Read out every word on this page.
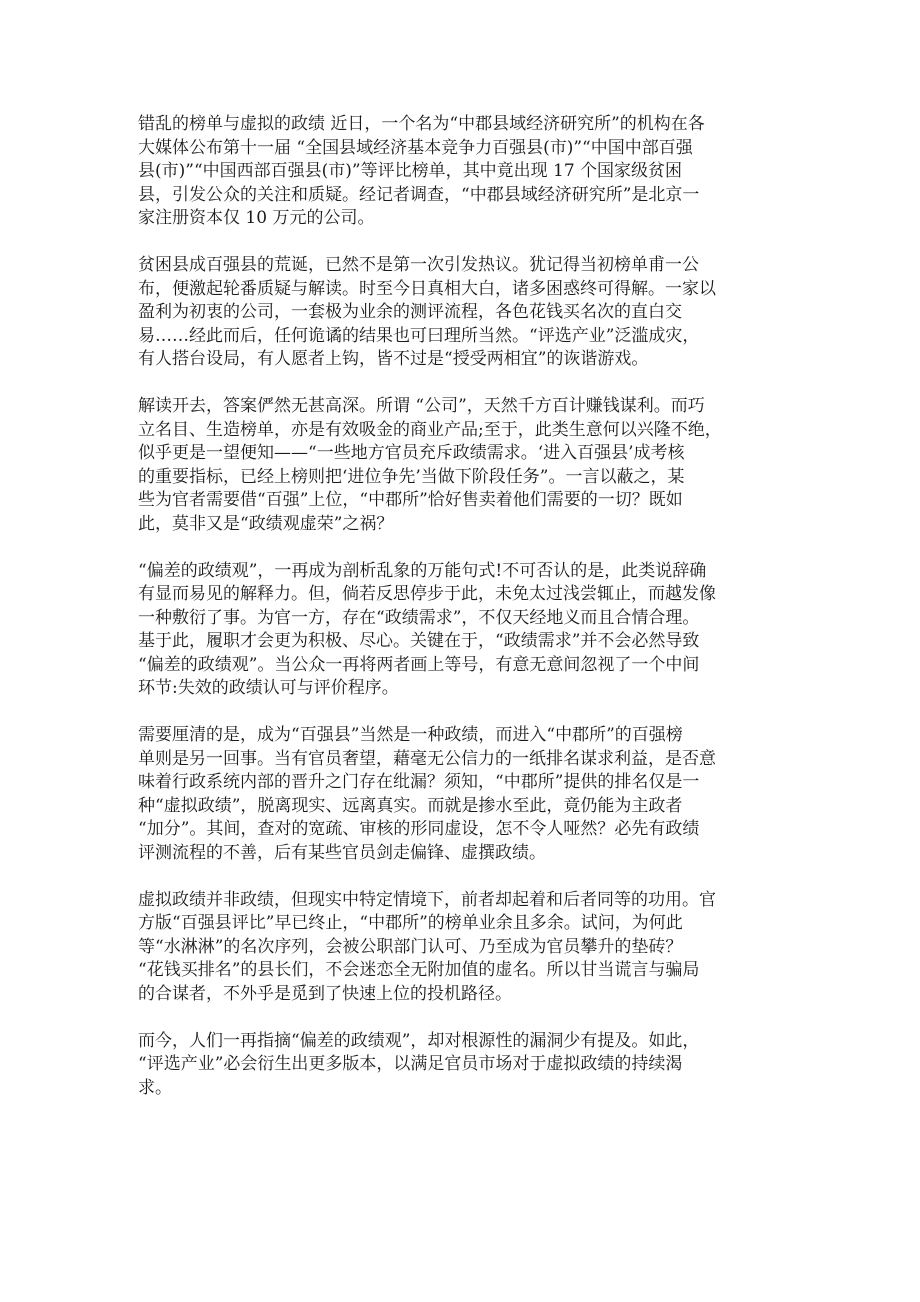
错乱的榜单与虚拟的政绩 近日，一个名为“中郡县域经济研究所”的机构在各
大媒体公布第十一届 “全国县域经济基本竞争力百强县(市)”“中国中部百强
县(市)”“中国西部百强县(市)”等评比榜单，其中竟出现 17 个国家级贫困
县，引发公众的关注和质疑。经记者调查，“中郡县域经济研究所”是北京一
家注册资本仅 10 万元的公司。
贫困县成百强县的荒诞，已然不是第一次引发热议。犹记得当初榜单甫一公
布，便激起轮番质疑与解读。时至今日真相大白，诸多困惑终可得解。一家以
盈利为初衷的公司，一套极为业余的测评流程，各色花钱买名次的直白交
易……经此而后，任何诡谲的结果也可曰理所当然。“评选产业”泛滥成灾，
有人搭台设局，有人愿者上钩，皆不过是“授受两相宜”的诙谐游戏。
解读开去，答案俨然无甚高深。所谓 “公司”，天然千方百计赚钱谋利。而巧
立名目、生造榜单，亦是有效吸金的商业产品;至于，此类生意何以兴隆不绝，
似乎更是一望便知——“一些地方官员充斥政绩需求。‘进入百强县’成考核
的重要指标，已经上榜则把‘进位争先’当做下阶段任务”。一言以蔽之，某
些为官者需要借“百强”上位，“中郡所”恰好售卖着他们需要的一切？既如
此，莫非又是“政绩观虚荣”之祸？
“偏差的政绩观”，一再成为剖析乱象的万能句式!不可否认的是，此类说辞确
有显而易见的解释力。但，倘若反思停步于此，未免太过浅尝辄止，而越发像
一种敷衍了事。为官一方，存在“政绩需求”，不仅天经地义而且合情合理。
基于此，履职才会更为积极、尽心。关键在于，“政绩需求”并不会必然导致
“偏差的政绩观”。当公众一再将两者画上等号，有意无意间忽视了一个中间
环节:失效的政绩认可与评价程序。
需要厘清的是，成为“百强县”当然是一种政绩，而进入“中郡所”的百强榜
单则是另一回事。当有官员奢望，藉毫无公信力的一纸排名谋求利益，是否意
味着行政系统内部的晋升之门存在纰漏？须知，“中郡所”提供的排名仅是一
种“虚拟政绩”，脱离现实、远离真实。而就是掺水至此，竟仍能为主政者
“加分”。其间，查对的宽疏、审核的形同虚设，怎不令人哑然？必先有政绩
评测流程的不善，后有某些官员剑走偏锋、虚撰政绩。
虚拟政绩并非政绩，但现实中特定情境下，前者却起着和后者同等的功用。官
方版“百强县评比”早已终止，“中郡所”的榜单业余且多余。试问，为何此
等“水淋淋”的名次序列，会被公职部门认可、乃至成为官员攀升的垫砖？
“花钱买排名”的县长们，不会迷恋全无附加值的虚名。所以甘当谎言与骗局
的合谋者，不外乎是觅到了快速上位的投机路径。
而今，人们一再指摘“偏差的政绩观”，却对根源性的漏洞少有提及。如此，
“评选产业”必会衍生出更多版本，以满足官员市场对于虚拟政绩的持续渴
求。
